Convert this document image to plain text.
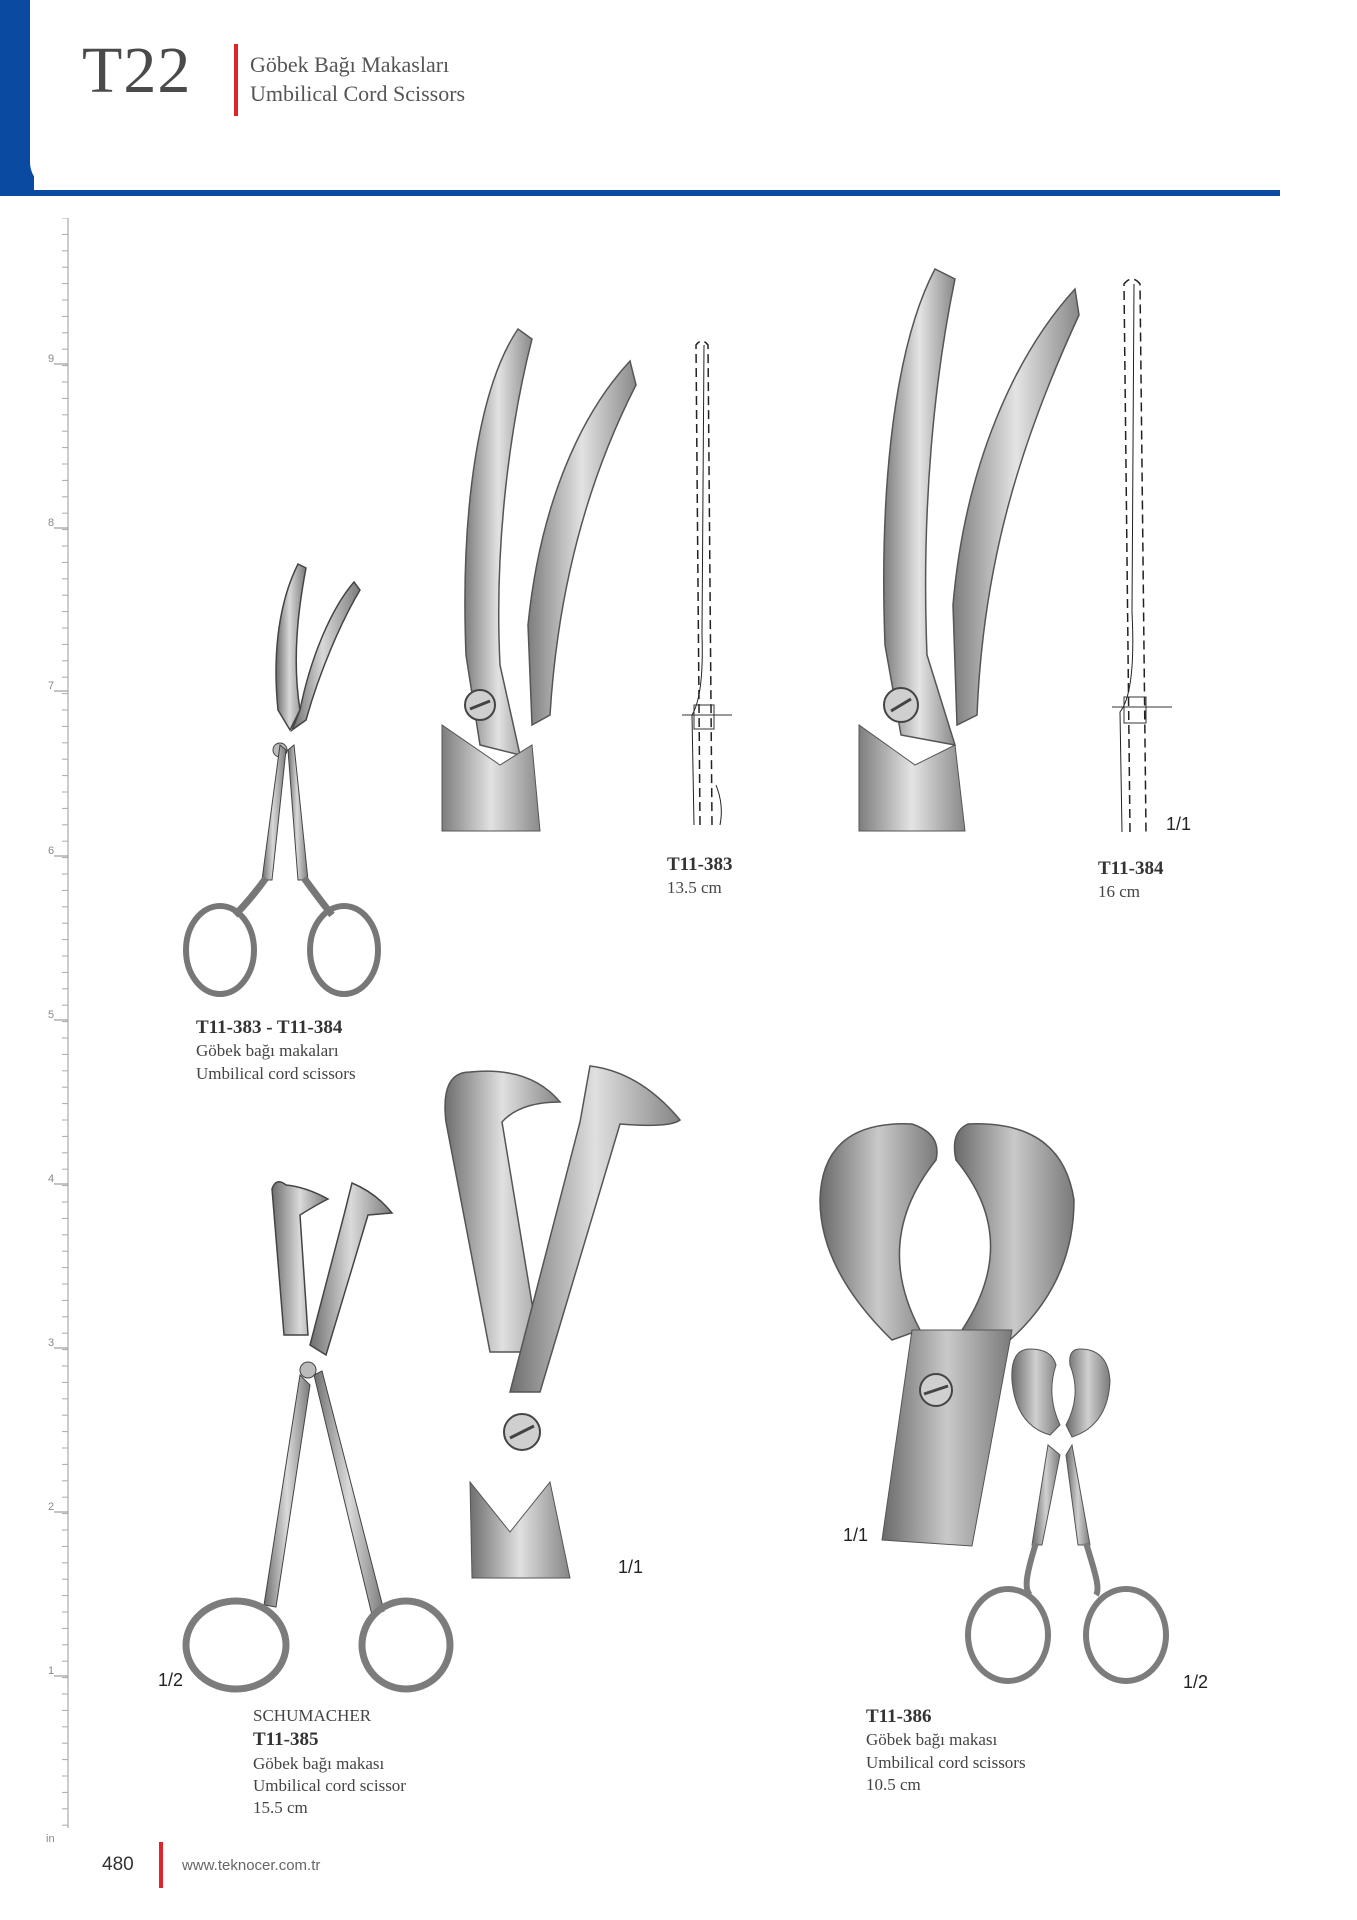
T22	Göbek Bağı Makasları
Umbilical Cord Scissors
9
8
7
6
5
4
3
2
1
in
T11-383
13.5 cm
T11-384
16 cm
1/1
T11-383 - T11-384
Göbek bağı makaları
Umbilical cord scissors
1/1
1/2
SCHUMACHER
T11-385
Göbek bağı makası
Umbilical cord scissor
15.5 cm
1/1
1/2
T11-386
Göbek bağı makası
Umbilical cord scissors
10.5 cm
480	www.teknocer.com.tr
